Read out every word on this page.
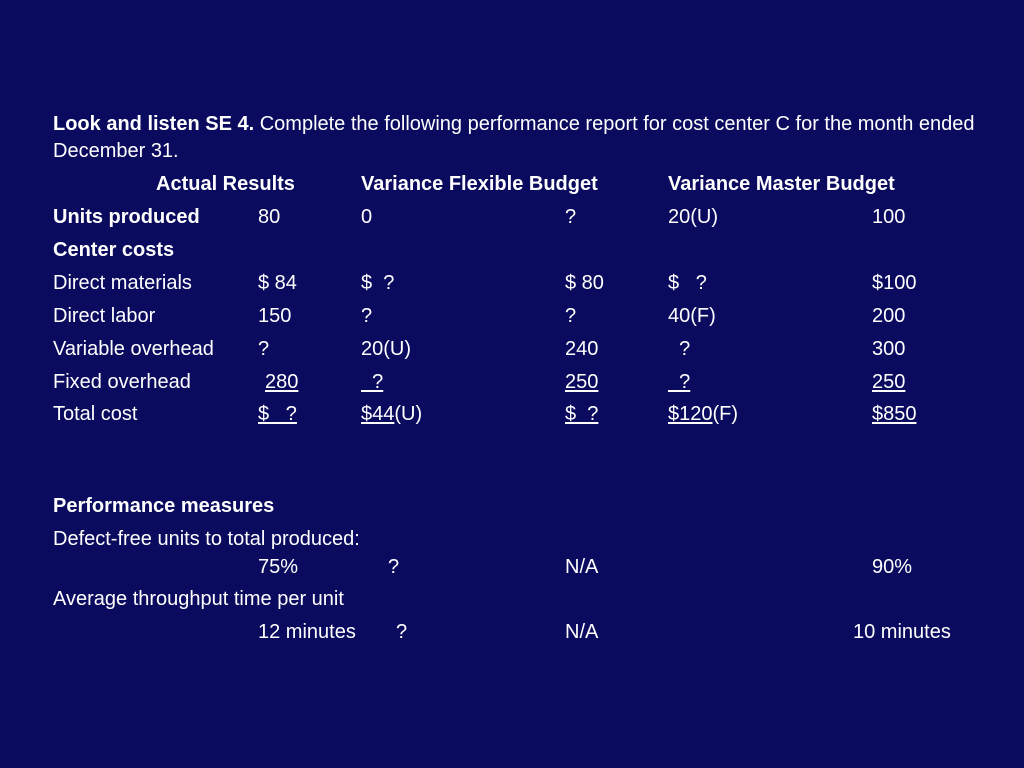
Look and listen SE 4. Complete the following performance report for cost center C for the month ended December 31.
Actual Results	Variance Flexible Budget	Variance Master Budget
Units produced	80	0	?	20(U)	100
Center costs
Direct materials	$ 84	$  ?	$ 80	$   ?	$100
Direct labor	150	?	?	40(F)	200
Variable overhead ?	20(U)	240	?	300
Fixed overhead	280	?	250	?	250
Total cost	$   ?	$44(U)	$  ?	$120(F)	$850
Performance measures
Defect-free units to total produced:
75%	?	N/A	90%
Average throughput time per unit
12 minutes ?	N/A	10 minutes
